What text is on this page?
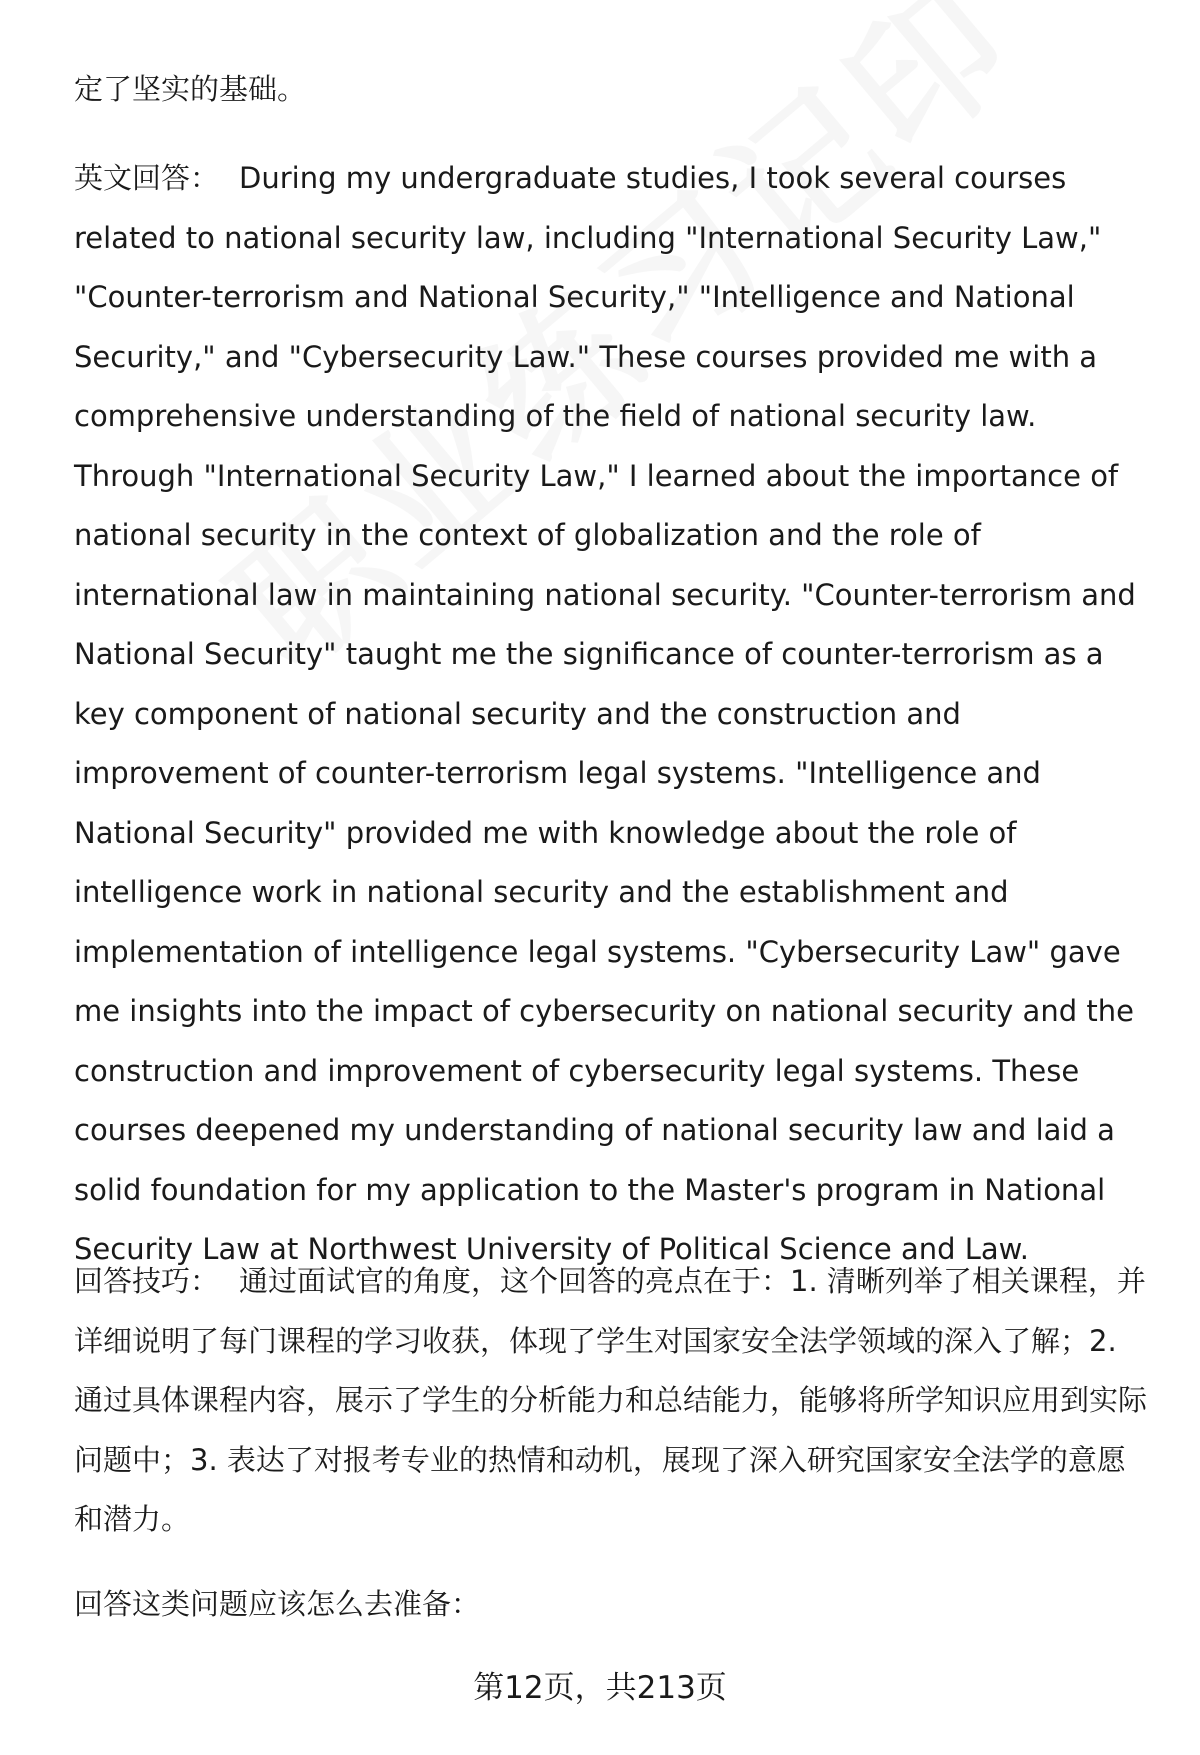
定了坚实的基础。

英文回答： During my undergraduate studies, I took several courses related to national security law, including "International Security Law," "Counter-terrorism and National Security," "Intelligence and National Security," and "Cybersecurity Law." These courses provided me with a comprehensive understanding of the field of national security law. Through "International Security Law," I learned about the importance of national security in the context of globalization and the role of international law in maintaining national security. "Counter-terrorism and National Security" taught me the significance of counter-terrorism as a key component of national security and the construction and improvement of counter-terrorism legal systems. "Intelligence and National Security" provided me with knowledge about the role of intelligence work in national security and the establishment and implementation of intelligence legal systems. "Cybersecurity Law" gave me insights into the impact of cybersecurity on national security and the construction and improvement of cybersecurity legal systems. These courses deepened my understanding of national security law and laid a solid foundation for my application to the Master's program in National Security Law at Northwest University of Political Science and Law.

回答技巧： 通过面试官的角度，这个回答的亮点在于：1. 清晰列举了相关课程，并详细说明了每门课程的学习收获，体现了学生对国家安全法学领域的深入了解；2. 通过具体课程内容，展示了学生的分析能力和总结能力，能够将所学知识应用到实际问题中；3. 表达了对报考专业的热情和动机，展现了深入研究国家安全法学的意愿和潜力。

回答这类问题应该怎么去准备：

第12页，共213页
